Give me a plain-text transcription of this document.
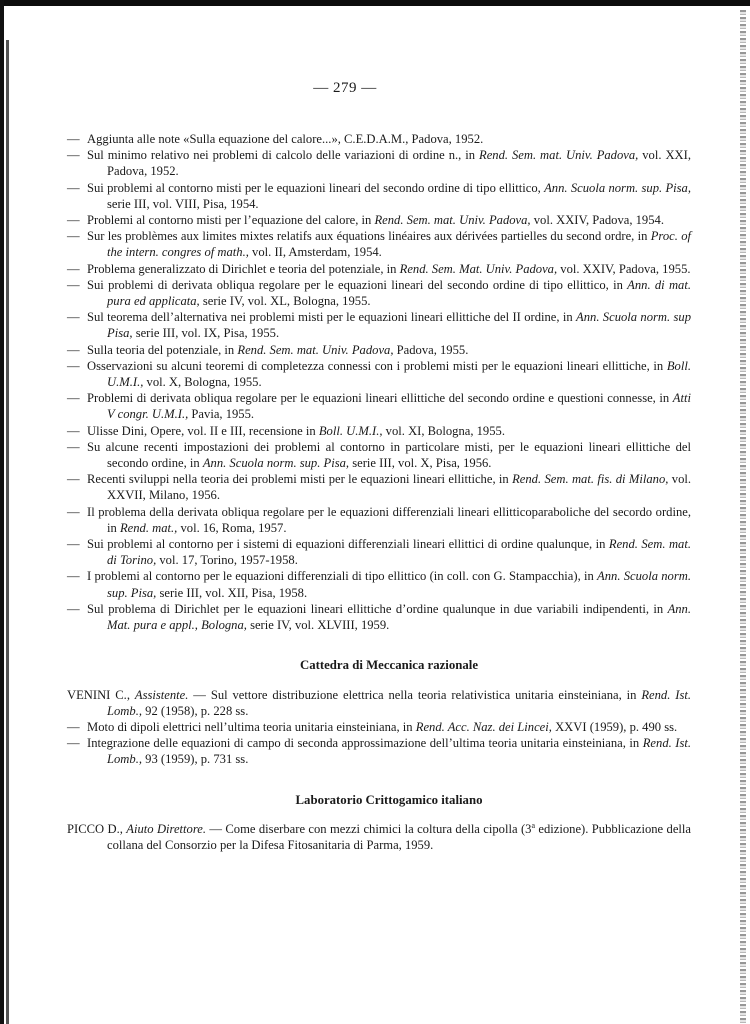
— 279 —
— Aggiunta alle note «Sulla equazione del calore...», C.E.D.A.M., Padova, 1952.
— Sul minimo relativo nei problemi di calcolo delle variazioni di ordine n., in Rend. Sem. mat. Univ. Padova, vol. XXI, Padova, 1952.
— Sui problemi al contorno misti per le equazioni lineari del secondo ordine di tipo ellittico, Ann. Scuola norm. sup. Pisa, serie III, vol. VIII, Pisa, 1954.
— Problemi al contorno misti per l’equazione del calore, in Rend. Sem. mat. Univ. Padova, vol. XXIV, Padova, 1954.
— Sur les problèmes aux limites mixtes relatifs aux équations linéaires aux dérivées partielles du second ordre, in Proc. of the intern. congres of math., vol. II, Amsterdam, 1954.
— Problema generalizzato di Dirichlet e teoria del potenziale, in Rend. Sem. Mat. Univ. Padova, vol. XXIV, Padova, 1955.
— Sui problemi di derivata obliqua regolare per le equazioni lineari del secondo ordine di tipo ellittico, in Ann. di mat. pura ed applicata, serie IV, vol. XL, Bologna, 1955.
— Sul teorema dell’alternativa nei problemi misti per le equazioni lineari ellittiche del II ordine, in Ann. Scuola norm. sup Pisa, serie III, vol. IX, Pisa, 1955.
— Sulla teoria del potenziale, in Rend. Sem. mat. Univ. Padova, Padova, 1955.
— Osservazioni su alcuni teoremi di completezza connessi con i problemi misti per le equazioni lineari ellittiche, in Boll. U.M.I., vol. X, Bologna, 1955.
— Problemi di derivata obliqua regolare per le equazioni lineari ellittiche del secondo ordine e questioni connesse, in Atti V congr. U.M.I., Pavia, 1955.
— Ulisse Dini, Opere, vol. II e III, recensione in Boll. U.M.I., vol. XI, Bologna, 1955.
— Su alcune recenti impostazioni dei problemi al contorno in particolare misti, per le equazioni lineari ellittiche del secondo ordine, in Ann. Scuola norm. sup. Pisa, serie III, vol. X, Pisa, 1956.
— Recenti sviluppi nella teoria dei problemi misti per le equazioni lineari ellittiche, in Rend. Sem. mat. fis. di Milano, vol. XXVII, Milano, 1956.
— Il problema della derivata obliqua regolare per le equazioni differenziali lineari ellitticoparaboliche del secordo ordine, in Rend. mat., vol. 16, Roma, 1957.
— Sui problemi al contorno per i sistemi di equazioni differenziali lineari ellittici di ordine qualunque, in Rend. Sem. mat. di Torino, vol. 17, Torino, 1957-1958.
— I problemi al contorno per le equazioni differenziali di tipo ellittico (in coll. con G. Stampacchia), in Ann. Scuola norm. sup. Pisa, serie III, vol. XII, Pisa, 1958.
— Sul problema di Dirichlet per le equazioni lineari ellittiche d’ordine qualunque in due variabili indipendenti, in Ann. Mat. pura e appl., Bologna, serie IV, vol. XLVIII, 1959.
Cattedra di Meccanica razionale
VENINI C., Assistente. — Sul vettore distribuzione elettrica nella teoria relativistica unitaria einsteiniana, in Rend. Ist. Lomb., 92 (1958), p. 228 ss.
— Moto di dipoli elettrici nell’ultima teoria unitaria einsteiniana, in Rend. Acc. Naz. dei Lincei, XXVI (1959), p. 490 ss.
— Integrazione delle equazioni di campo di seconda approssimazione dell’ultima teoria unitaria einsteiniana, in Rend. Ist. Lomb., 93 (1959), p. 731 ss.
Laboratorio Crittogamico italiano
PICCO D., Aiuto Direttore. — Come diserbare con mezzi chimici la coltura della cipolla (3$^a$ edizione). Pubblicazione della collana del Consorzio per la Difesa Fitosanitaria di Parma, 1959.
